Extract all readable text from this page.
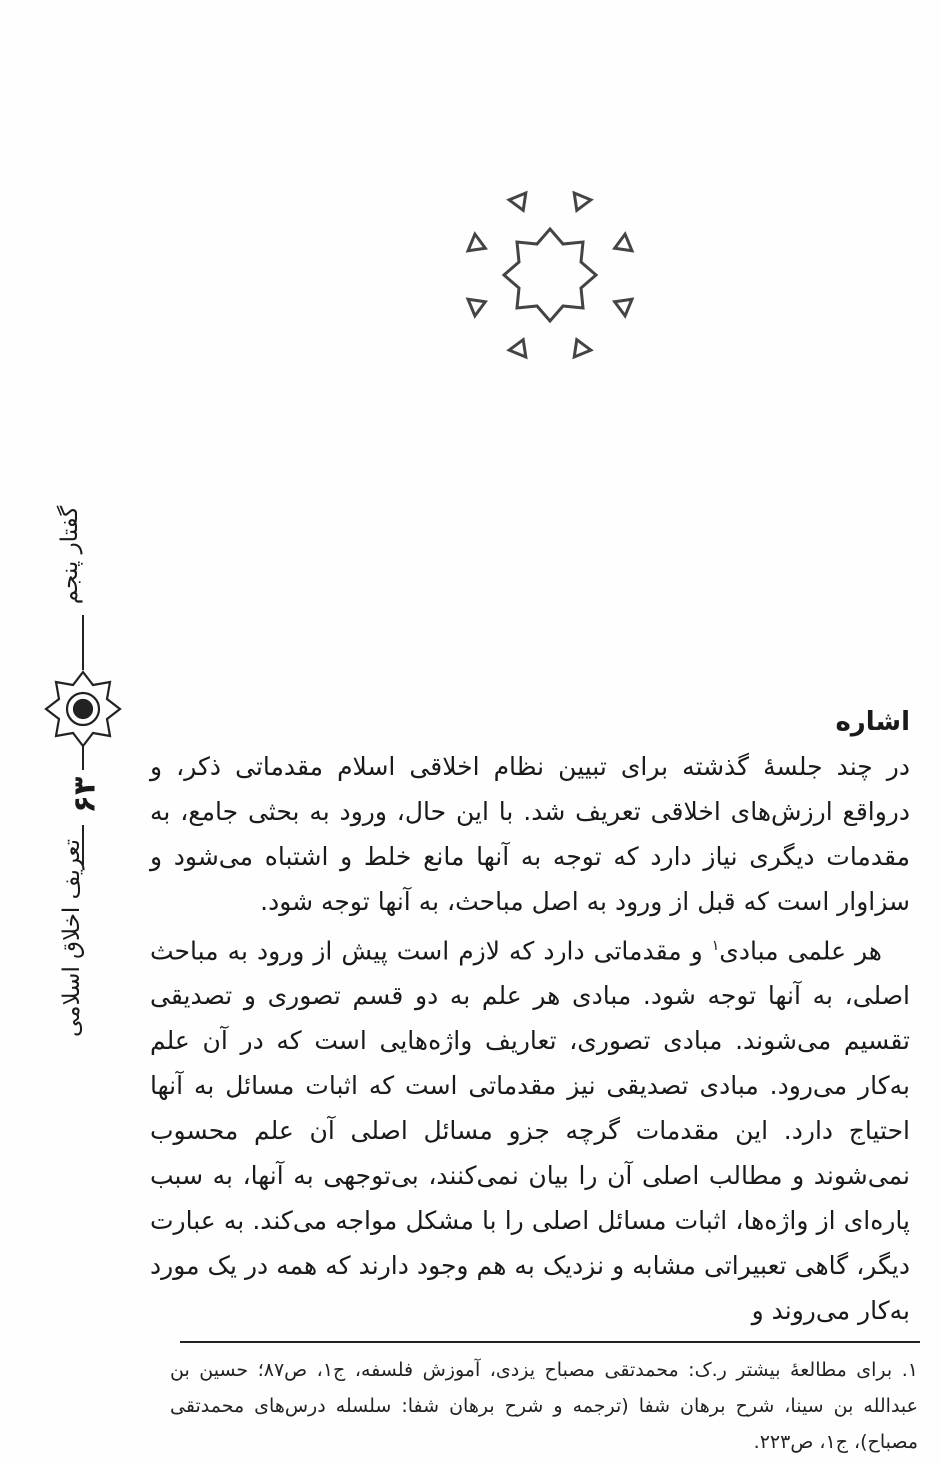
گفتار پنجم
۶۳
تعریف اخلاق اسلامی
اشاره

در چند جلسهٔ گذشته برای تبیین نظام اخلاقی اسلام مقدماتی ذکر، و درواقع ارزش‌های اخلاقی تعریف شد. با این حال، ورود به بحثی جامع، به مقدمات دیگری نیاز دارد که توجه به آنها مانع خلط و اشتباه می‌شود و سزاوار است که قبل از ورود به اصل مباحث، به آنها توجه شود.

هر علمی مبادی$^۱$ و مقدماتی دارد که لازم است پیش از ورود به مباحث اصلی، به آنها توجه شود. مبادی هر علم به دو قسم تصوری و تصدیقی تقسیم می‌شوند. مبادی تصوری، تعاریف واژه‌هایی است که در آن علم به‌کار می‌رود. مبادی تصدیقی نیز مقدماتی است که اثبات مسائل به آنها احتیاج دارد. این مقدمات گرچه جزو مسائل اصلی آن علم محسوب نمی‌شوند و مطالب اصلی آن را بیان نمی‌کنند، بی‌توجهی به آنها، به سبب پاره‌ای از واژه‌ها، اثبات مسائل اصلی را با مشکل مواجه می‌کند. به عبارت دیگر، گاهی تعبیراتی مشابه و نزدیک به هم وجود دارند که همه در یک مورد به‌کار می‌روند و

۱. برای مطالعهٔ بیشتر ر.ک: محمدتقی مصباح یزدی، آموزش فلسفه، ج۱، ص۸۷؛ حسین بن عبدالله بن سینا، شرح برهان شفا (ترجمه و شرح برهان شفا: سلسله درس‌های محمدتقی مصباح)، ج۱، ص۲۲۳.
